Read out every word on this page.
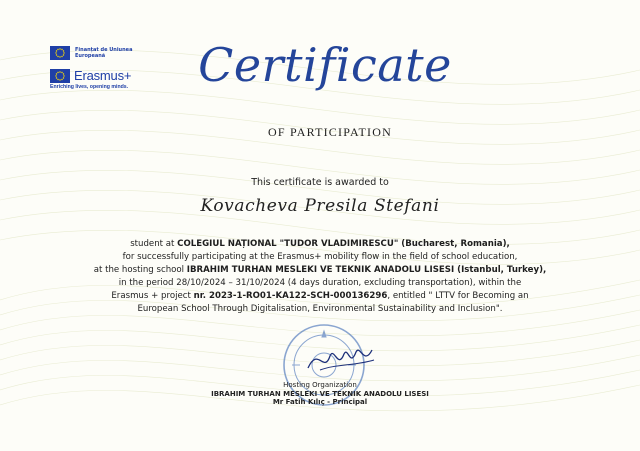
Finanțat de Uniunea Europeană
Erasmus+
Enriching lives, opening minds.	Certificate
OF PARTICIPATION
This certificate is awarded to
Kovacheva Presila Stefani
student at COLEGIUL NAȚIONAL "TUDOR VLADIMIRESCU" (Bucharest, Romania),
for successfully participating at the Erasmus+ mobility flow in the field of school education,
at the hosting school IBRAHIM TURHAN MESLEKI VE TEKNIK ANADOLU LISESI (Istanbul, Turkey),
in the period 28/10/2024 – 31/10/2024 (4 days duration, excluding transportation), within the
Erasmus + project nr. 2023-1-RO01-KA122-SCH-000136296, entitled " LTTV for Becoming an
European School Through Digitalisation, Environmental Sustainability and Inclusion".
Hosting Organization
IBRAHIM TURHAN MESLEKI VE TEKNIK ANADOLU LISESI
Mr Fatih Kılıç - Principal
